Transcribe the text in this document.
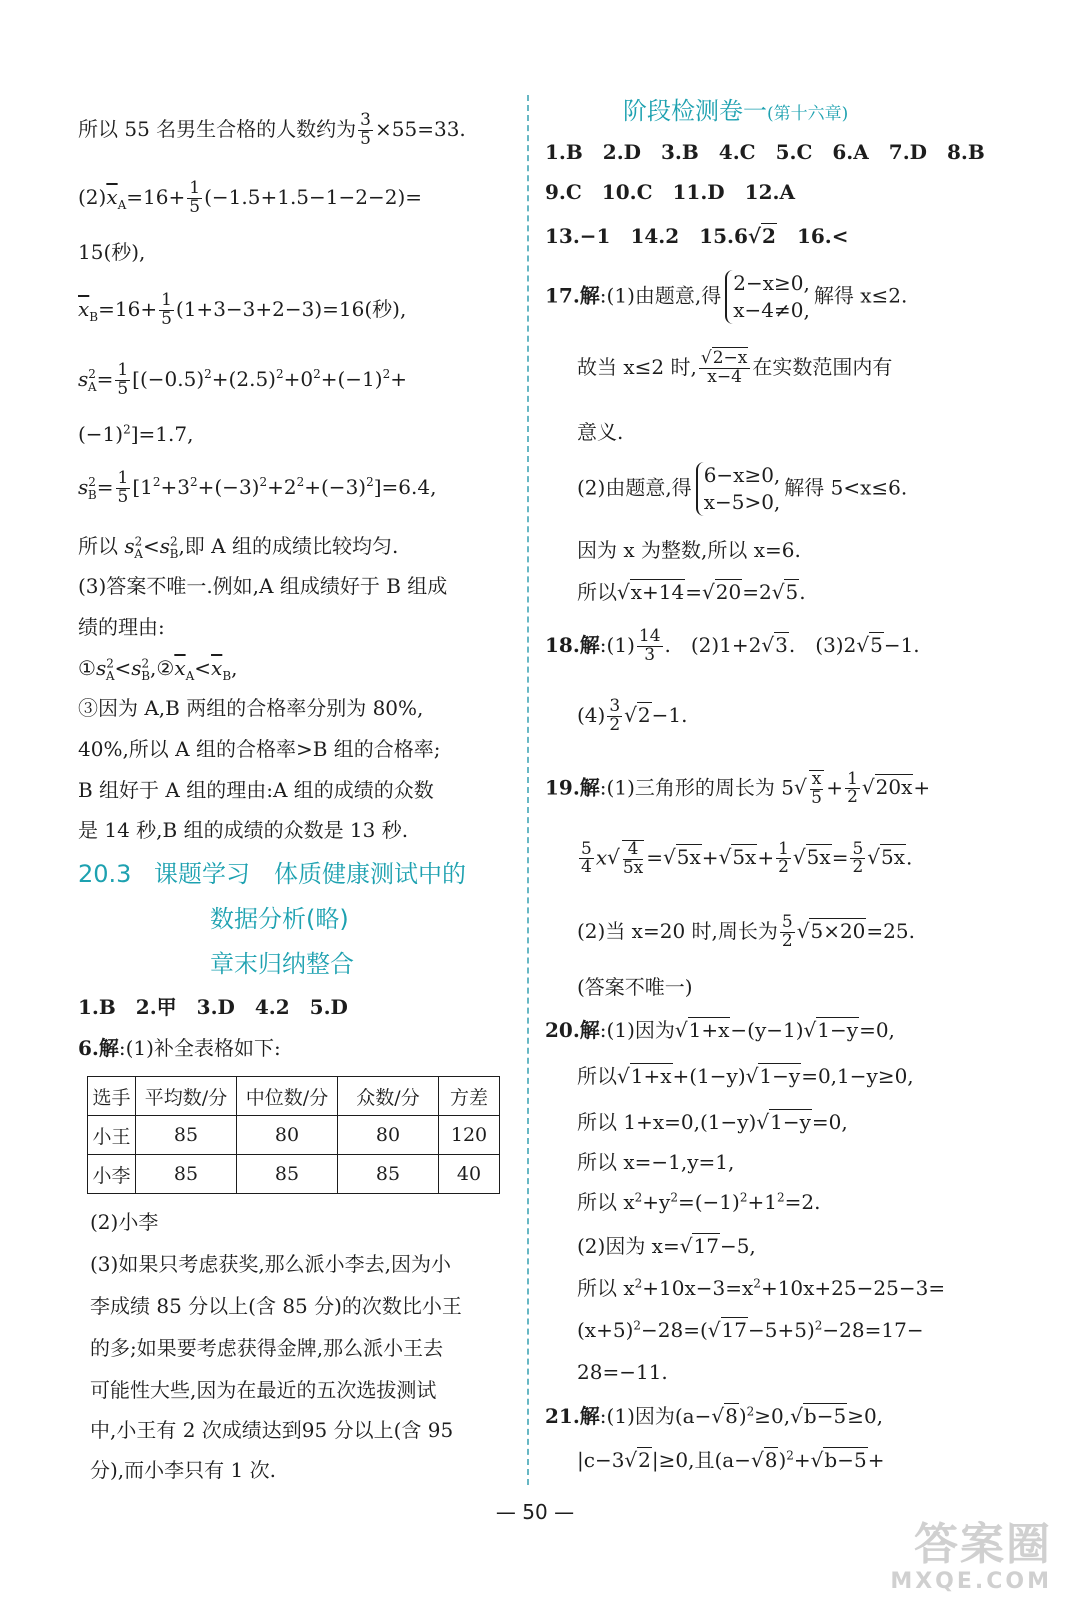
所以 55 名男生合格的人数约为 $\frac{3}{5} \times 55=33$.
$(2)\overline{x}_A=16+ \frac{1}{5} (-1.5+1.5-1-2-2)=$
15(秒),
$\overline{x}_B=16+ \frac{1}{5} (1+3-3+2-3)=16$(秒),
$s^2_A= \frac{1}{5} [(-0.5)^2+(2.5)^2+0^2+(-1)^2+$
$(-1)^2]=1.7$,
$s^2_B= \frac{1}{5} [1^2+3^2+(-3)^2+2^2+(-3)^2]=6.4$,
所以 $s^2_A<s^2_B$,即 A 组的成绩比较均匀.
(3)答案不唯一.例如,A 组成绩好于 B 组成
绩的理由:
$①s^2_A<s^2_B,②\overline{x}_A<\overline{x}_B$,
③因为 A,B 两组的合格率分别为 80%,
40%,所以 A 组的合格率>B 组的合格率;
B 组好于 A 组的理由:A 组的成绩的众数
是 14 秒,B 组的成绩的众数是 13 秒.
20.3 课题学习　体质健康测试中的
数据分析(略)
章末归纳整合
1.B　2.甲　3.D　4.2　5.D
6.解:(1)补全表格如下:
选手	平均数/分	中位数/分	众数/分	方差
小王	85	80	80	120
小李	85	85	85	40
(2)小李
(3)如果只考虑获奖,那么派小李去,因为小
李成绩 85 分以上(含 85 分)的次数比小王
的多;如果要考虑获得金牌,那么派小王去
可能性大些,因为在最近的五次选拔测试
中,小王有 2 次成绩达到95 分以上(含 95
分),而小李只有 1 次.
阶段检测卷一(第十六章)
1.B　2.D　3.B　4.C　5.C　6.A　7.D　8.B
9.C　10.C　11.D　12.A
13.−1　14.2　15.6 √ 2　16.<
17.解:(1)由题意,得
2−x≥0,
x−4≠0,
解得 x≤2.
故当 x≤2 时, √ $\frac{2-x}{x-4}$ 在实数范围内有
意义.
(2)由题意,得
6−x≥0,
x−5>0,
解得 5<x≤6.
因为 x 为整数,所以 x=6.
所以 √ x+14= √ 20=2 √ 5.
18.解:(1) $\frac{14}{3}$ .　(2)1+2 √ 3.　(3)2 √ 5−1.
$(4) \frac{3}{2}$ √ 2−1.
19.解:(1)三角形的周长为 5 √ $\frac{x}{5} + \frac{1}{2}$ √ 20x+
$\frac{5}{4}$ x √ $\frac{4}{5x}$ = √ 5x+ √ $5x+ \frac{1}{2}$ √ $5x= \frac{5}{2}$ √ 5x.
(2)当 x=20 时,周长为 $\frac{5}{2}$ √ 5×20=25.
(答案不唯一)
20.解:(1)因为 √ 1+x−(y−1) √ 1−y=0,
所以 √ 1+x+(1−y) √ 1−y=0,1−y≥0,
所以 1+x=0,(1−y) √ 1−y=0,
所以 x=−1,y=1,
所以 $x^2+y^2=(-1)^2+1^2=2$.
(2)因为 x= √ 17−5,
所以 $x^2+10x-3=x^2+10x+25-25-3=$
$(x+5)^2-28=$( √ 17−5+5)$^2$−28=17−
28=−11.
21.解:(1)因为(a− √ 8)$^2$≥0, √ b−5≥0,
|c−3 √ 2|≥0,且(a− √ 8)$^2$+ √ b−5+
— 50 —
答案圈
MXQE.COM
